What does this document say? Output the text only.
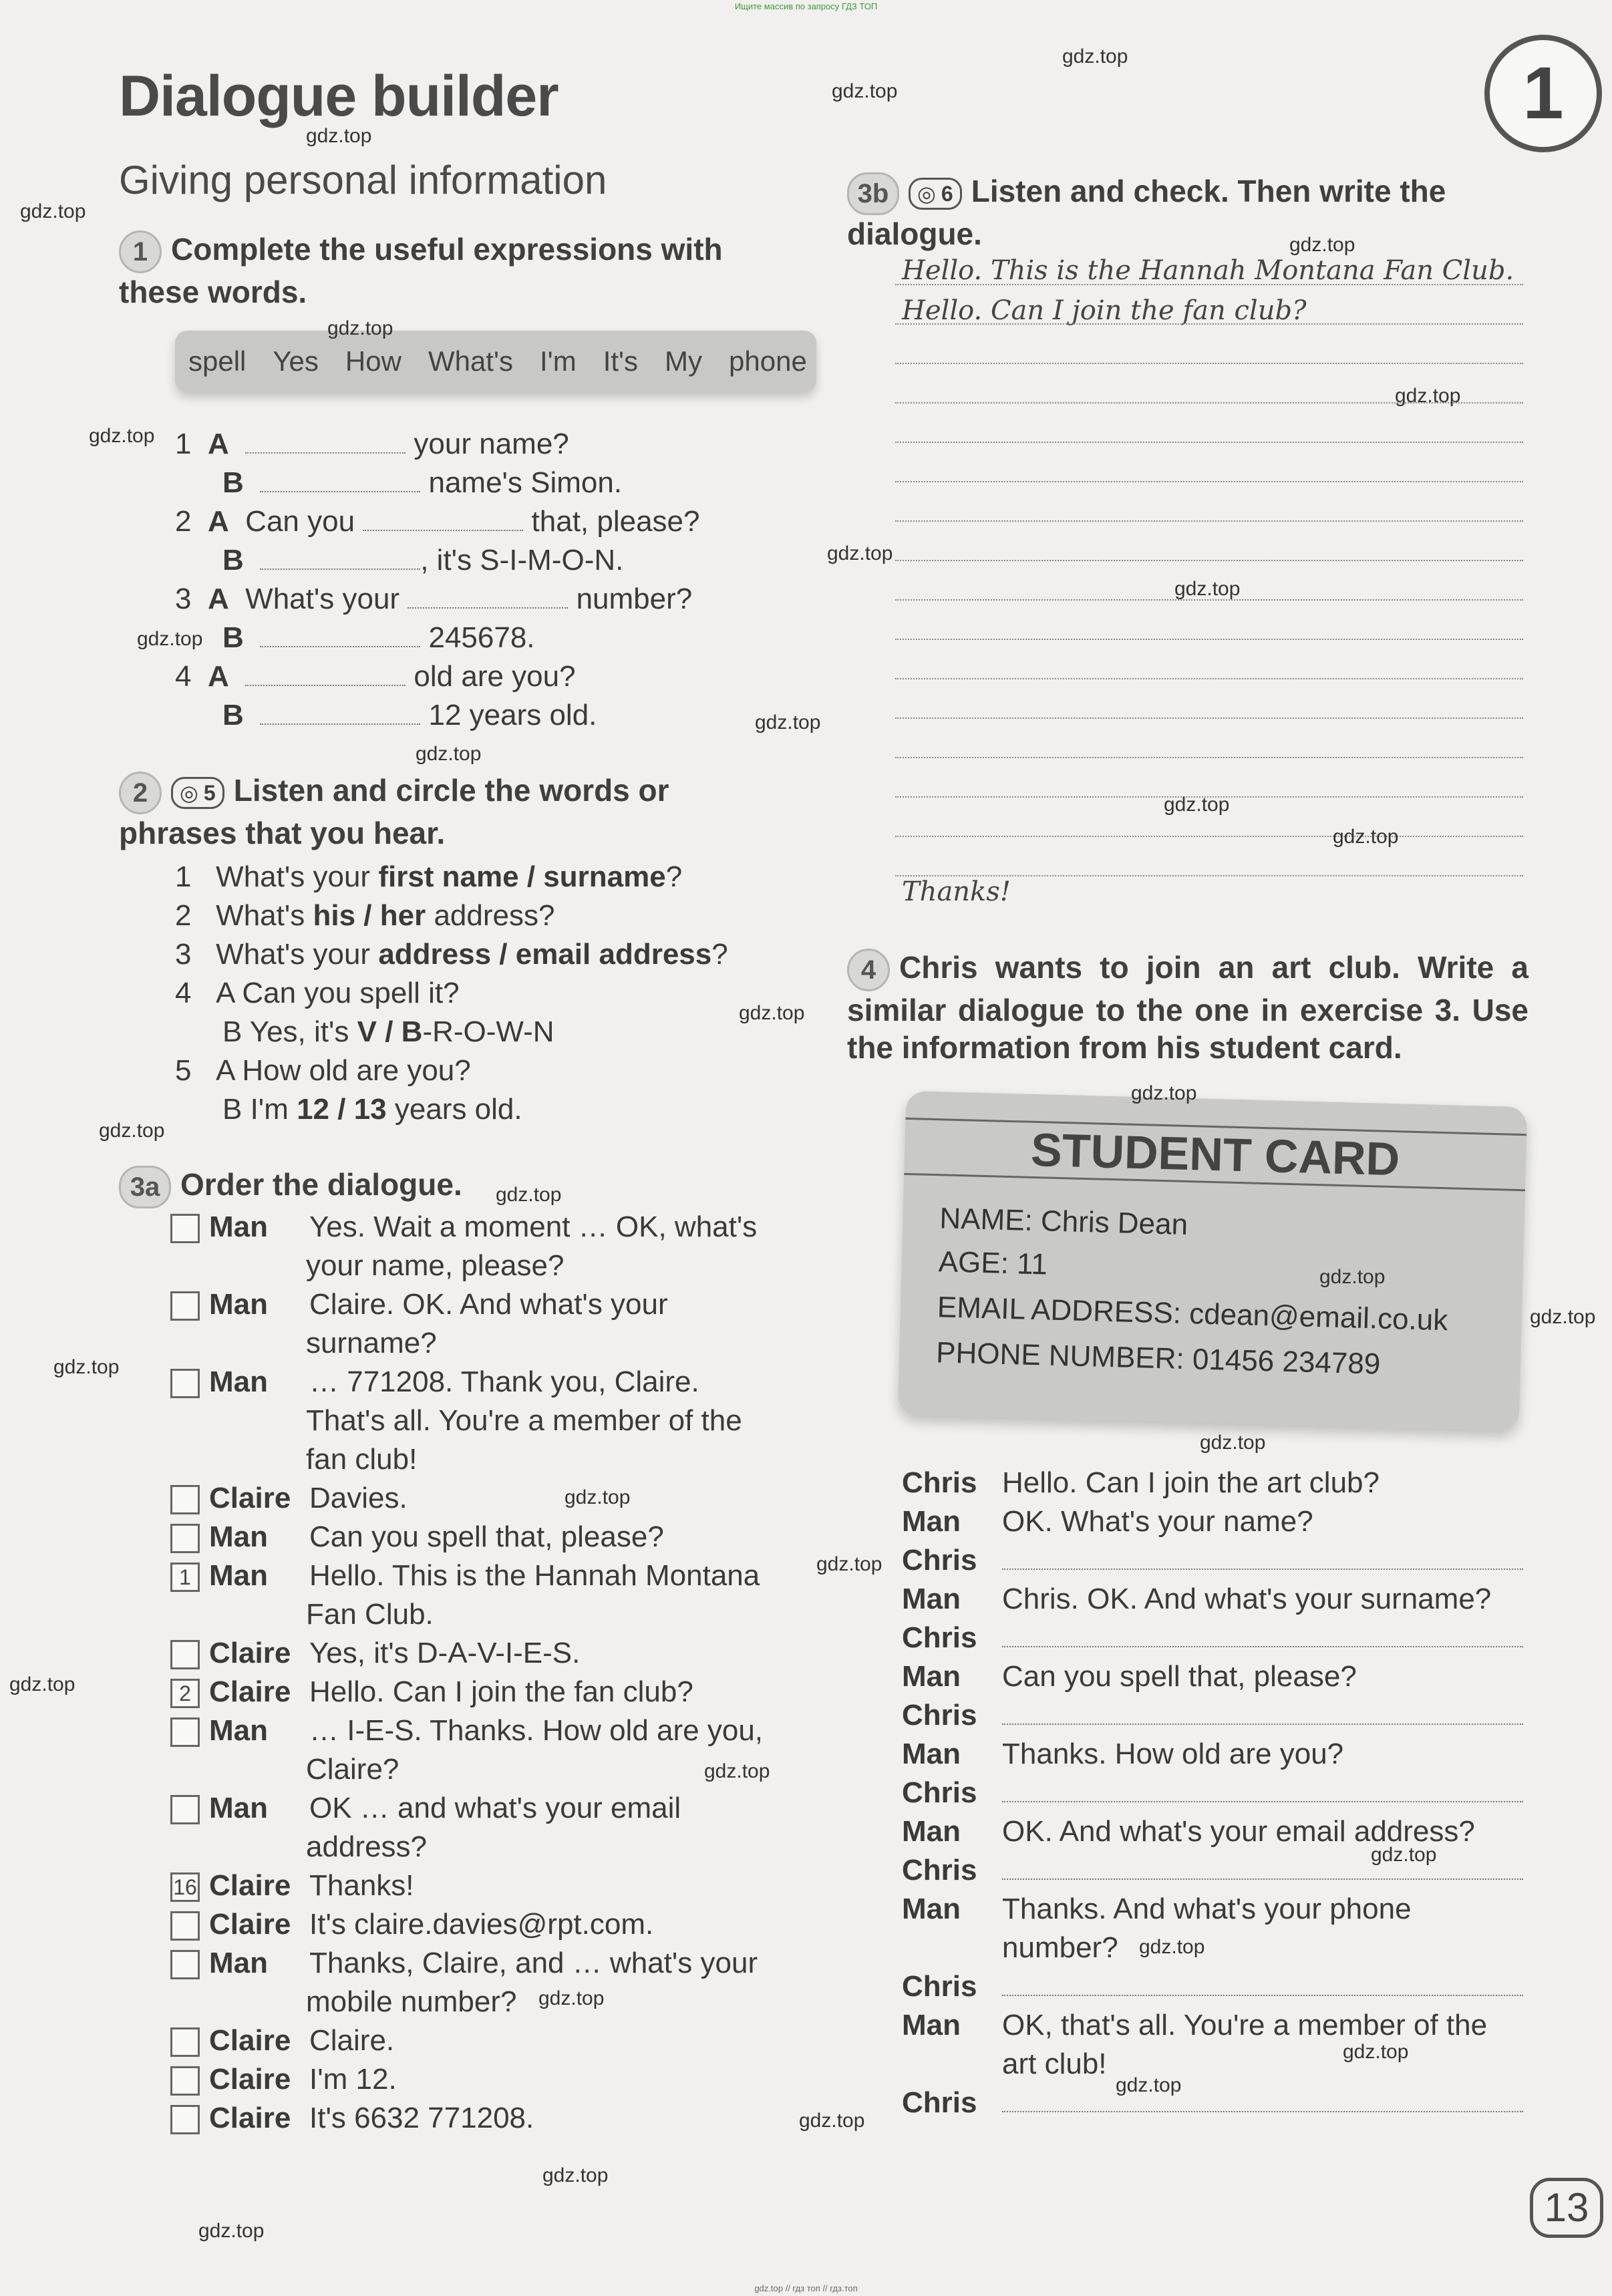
Ищите массив по запросу ГДЗ ТОП
Dialogue builder
Giving personal information
1
1 Complete the useful expressions with these words.
spell Yes How What's I'm It's My phone
1 A	your name?
B	name's Simon.
2 A Can you	that, please?
B	, it's S-I-M-O-N.
3 A What's your	number?
B	245678.
4 A	old are you?
B	12 years old.
2	◎ 5 Listen and circle the words or phrases that you hear.
1 What's your first name / surname?
2 What's his / her address?
3 What's your address / email address?
4 A Can you spell it?
B Yes, it's V / B-R-O-W-N
5 A How old are you?
B I'm 12 / 13 years old.
3a Order the dialogue.
Man Yes. Wait a moment … OK, what's
your name, please?
Man Claire. OK. And what's your
surname?
Man … 771208. Thank you, Claire.
That's all. You're a member of the
fan club!
Claire Davies.
Man Can you spell that, please?
1 Man Hello. This is the Hannah Montana
Fan Club.
Claire Yes, it's D-A-V-I-E-S.
2 Claire Hello. Can I join the fan club?
Man … I-E-S. Thanks. How old are you,
Claire?
Man OK … and what's your email
address?
16 Claire Thanks!
Claire It's claire.davies@rpt.com.
Man Thanks, Claire, and … what's your
mobile number?
Claire Claire.
Claire I'm 12.
Claire It's 6632 771208.
3b ◎ 6 Listen and check. Then write the dialogue.
Hello. This is the Hannah Montana Fan Club.
Hello. Can I join the fan club?
Thanks!
4 Chris wants to join an art club. Write a similar dialogue to the one in exercise 3. Use the information from his student card.
STUDENT CARD
NAME: Chris Dean
AGE: 11
EMAIL ADDRESS: cdean@email.co.uk
PHONE NUMBER: 01456 234789
Chris Hello. Can I join the art club?
Man OK. What's your name?
Chris
Man Chris. OK. And what's your surname?
Chris
Man Can you spell that, please?
Chris
Man Thanks. How old are you?
Chris
Man OK. And what's your email address?
Chris
Man Thanks. And what's your phone
number?
Chris
Man OK, that's all. You're a member of the
art club!
Chris
13
gdz.top
gdz.top
gdz.top
gdz.top
gdz.top
gdz.top
gdz.top
gdz.top
gdz.top
gdz.top
gdz.top
gdz.top
gdz.top
gdz.top
gdz.top
gdz.top
gdz.top
gdz.top
gdz.top
gdz.top
gdz.top
gdz.top
gdz.top
gdz.top
gdz.top
gdz.top
gdz.top
gdz.top
gdz.top
gdz.top
gdz.top
gdz.top
gdz.top
gdz.top
gdz.top
gdz.top // гдз топ // гдз.топ
